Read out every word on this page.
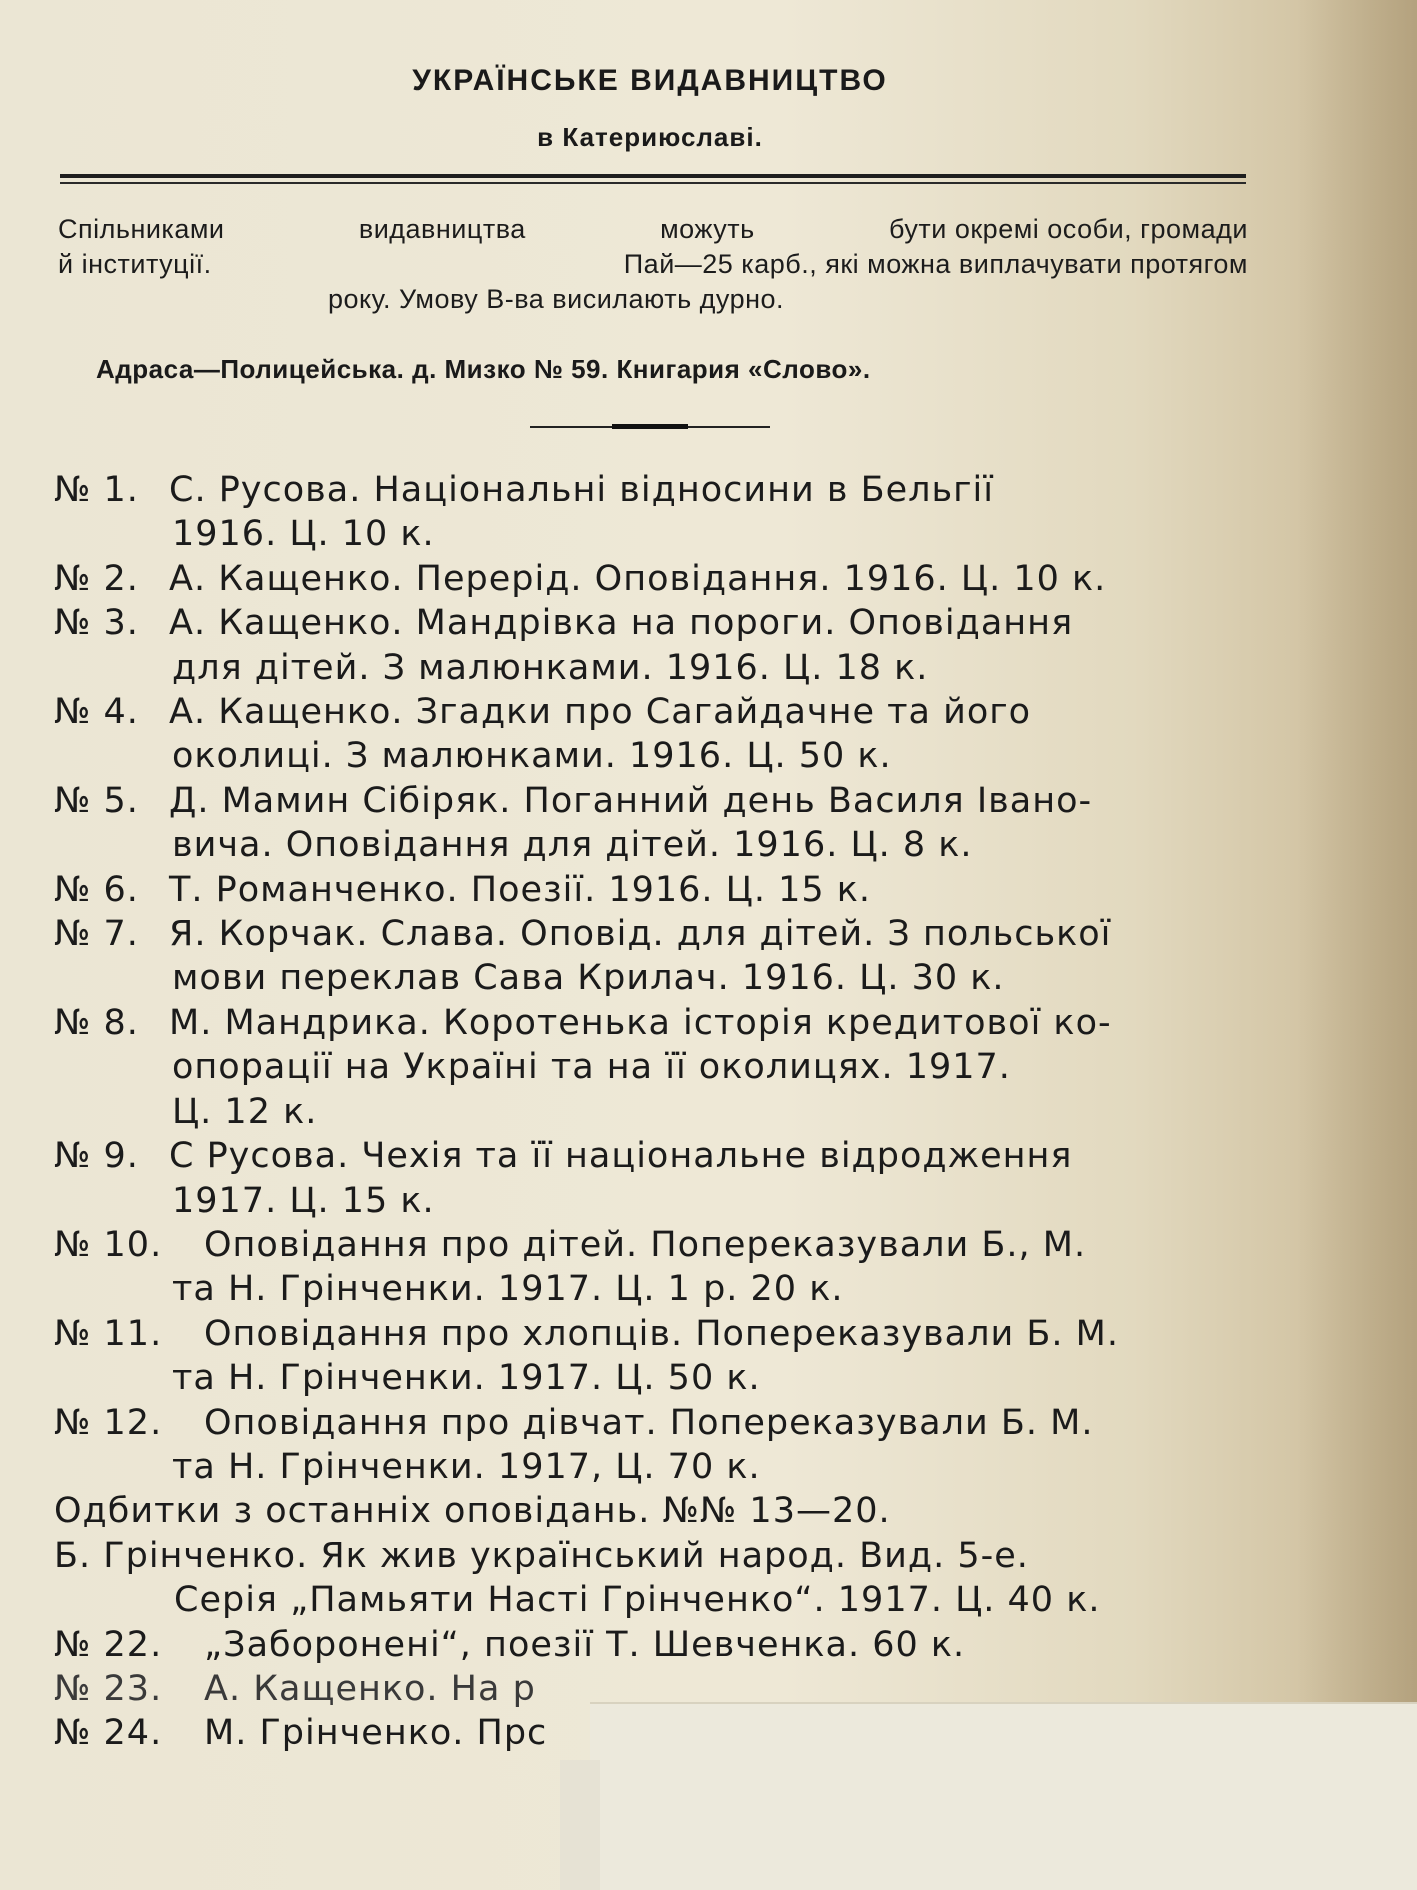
УКРАЇНСЬКЕ ВИДАВНИЦТВО
в Катериюславі.
Спільниками	видавництва	можуть	бути окремі особи, громади
й інституції.	Пай—25 карб., які можна виплачувати протягом
року. Умову В-ва висилають дурно.
Адраса—Полицейська. д. Мизко № 59. Книгария «Слово».
№ 1. С. Русова. Національні відносини в Бельгії
1916. Ц. 10 к.
№ 2. А. Кащенко. Перерід. Оповідання. 1916. Ц. 10 к.
№ 3. А. Кащенко. Мандрівка на пороги. Оповідання
для дітей. З малюнками. 1916. Ц. 18 к.
№ 4. А. Кащенко. Згадки про Сагайдачне та його
околиці. З малюнками. 1916. Ц. 50 к.
№ 5. Д. Мамин Сібіряк. Поганний день Василя Івано-
вича. Оповідання для дітей. 1916. Ц. 8 к.
№ 6. Т. Романченко. Поезії. 1916. Ц. 15 к.
№ 7. Я. Корчак. Слава. Оповід. для дітей. З польської
мови переклав Сава Крилач. 1916. Ц. 30 к.
№ 8. М. Мандрика. Коротенька історія кредитової ко-
опорації на Україні та на її околицях. 1917.
Ц. 12 к.
№ 9. С Русова. Чехія та її національне відродження
1917. Ц. 15 к.
№ 10.	Оповідання про дітей. Попереказували Б., М.
та Н. Грінченки. 1917. Ц. 1 р. 20 к.
№ 11.	Оповідання про хлопців. Попереказували Б. М.
та Н. Грінченки. 1917. Ц. 50 к.
№ 12.	Оповідання про дівчат. Попереказували Б. М.
та Н. Грінченки. 1917, Ц. 70 к.
Одбитки з останніх оповідань. №№ 13—20.
Б. Грінченко. Як жив український народ. Вид. 5-е.
Серія „Памьяти Насті Грінченко“. 1917. Ц. 40 к.
№ 22.	„Заборонені“, поезії Т. Шевченка. 60 к.
№ 23.	А. Кащенко. На р
№ 24.	М. Грінченко. Прс
